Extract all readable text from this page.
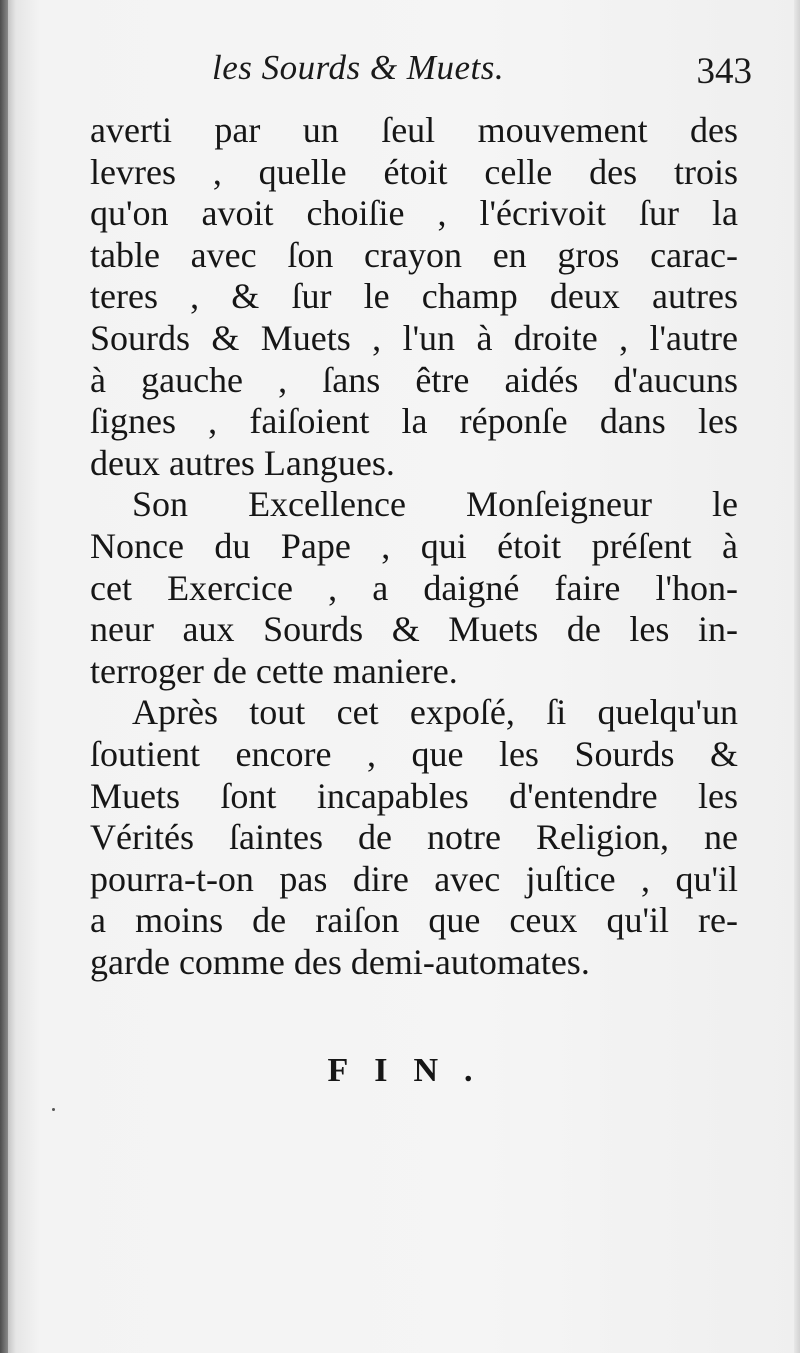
les Sourds & Muets.	343

averti par un ſeul mouvement des
levres , quelle étoit celle des trois
qu'on avoit choiſie , l'écrivoit ſur la
table avec ſon crayon en gros carac-
teres , & ſur le champ deux autres
Sourds & Muets , l'un à droite , l'autre
à gauche , ſans être aidés d'aucuns
ſignes , faiſoient la réponſe dans les

deux autres Langues.

Son Excellence Monſeigneur le
Nonce du Pape , qui étoit préſent à
cet Exercice , a daigné faire l'hon-
neur aux Sourds & Muets de les in-

terroger de cette maniere.

Après tout cet expoſé, ſi quelqu'un
ſoutient encore , que les Sourds &
Muets ſont incapables d'entendre les
Vérités ſaintes de notre Religion, ne
pourra-t-on pas dire avec juſtice , qu'il
a moins de raiſon que ceux qu'il re-

garde comme des demi-automates.

FIN.
